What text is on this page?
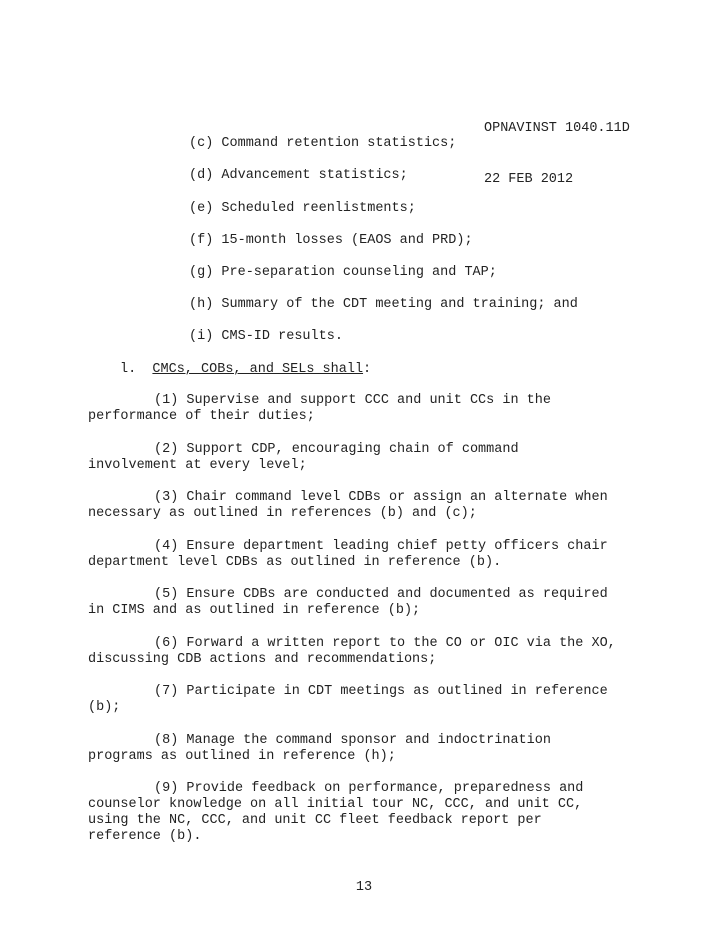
OPNAVINST 1040.11D

22 FEB 2012

(c) Command retention statistics;
(d) Advancement statistics;
(e) Scheduled reenlistments;
(f) 15-month losses (EAOS and PRD);
(g) Pre-separation counseling and TAP;
(h) Summary of the CDT meeting and training; and
(i) CMS-ID results.
l. CMCs, COBs, and SELs shall:
(1) Supervise and support CCC and unit CCs in the
performance of their duties;
(2) Support CDP, encouraging chain of command
involvement at every level;
(3) Chair command level CDBs or assign an alternate when
necessary as outlined in references (b) and (c);
(4) Ensure department leading chief petty officers chair
department level CDBs as outlined in reference (b).
(5) Ensure CDBs are conducted and documented as required
in CIMS and as outlined in reference (b);
(6) Forward a written report to the CO or OIC via the XO,
discussing CDB actions and recommendations;
(7) Participate in CDT meetings as outlined in reference
(b);
(8) Manage the command sponsor and indoctrination
programs as outlined in reference (h);
(9) Provide feedback on performance, preparedness and
counselor knowledge on all initial tour NC, CCC, and unit CC,
using the NC, CCC, and unit CC fleet feedback report per
reference (b).
13
